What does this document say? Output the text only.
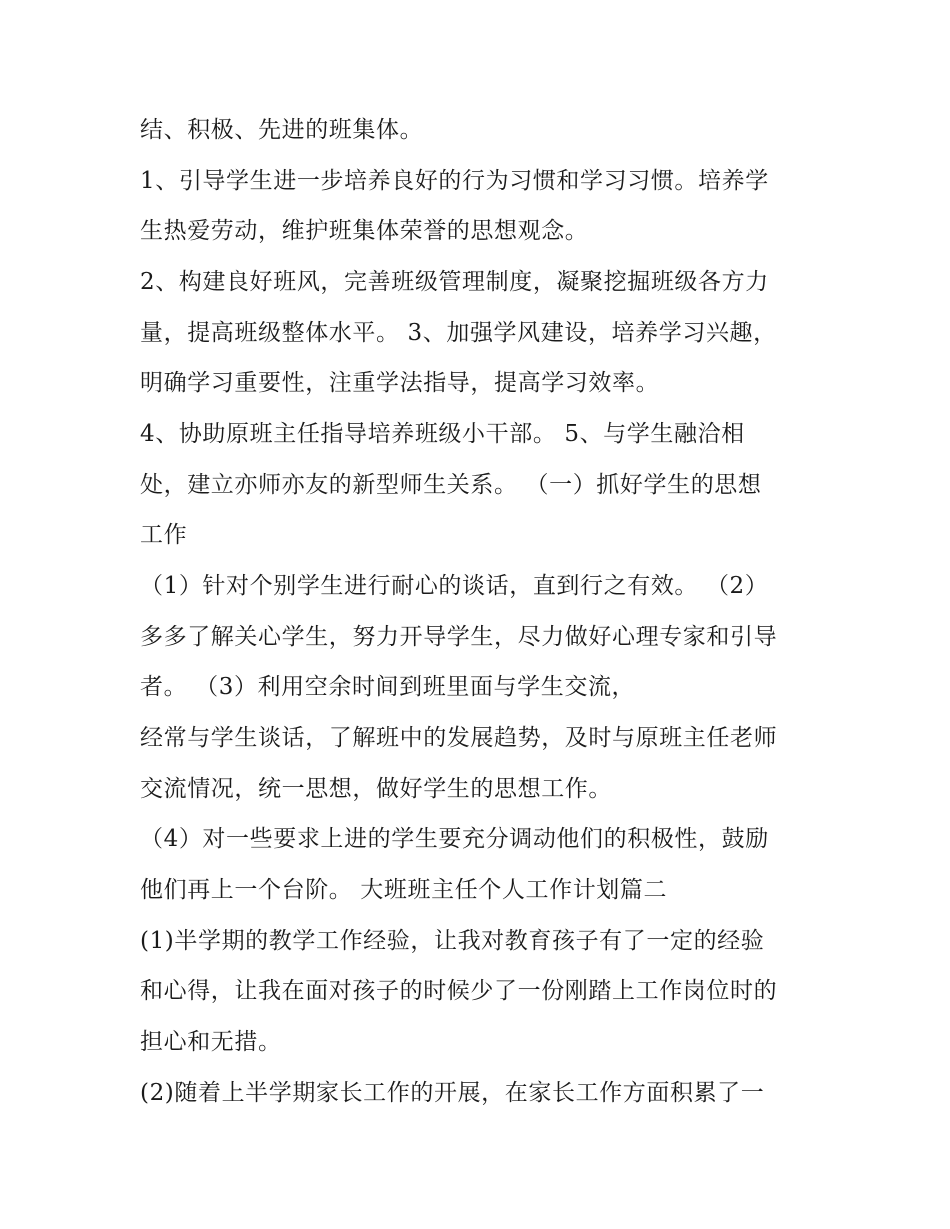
结、积极、先进的班集体。
1、引导学生进一步培养良好的行为习惯和学习习惯。培养学
生热爱劳动，维护班集体荣誉的思想观念。
2、构建良好班风，完善班级管理制度，凝聚挖掘班级各方力
量，提高班级整体水平。 3、加强学风建设，培养学习兴趣，
明确学习重要性，注重学法指导，提高学习效率。
4、协助原班主任指导培养班级小干部。 5、与学生融洽相
处，建立亦师亦友的新型师生关系。 （一）抓好学生的思想
工作
（1）针对个别学生进行耐心的谈话，直到行之有效。 （2）
多多了解关心学生，努力开导学生，尽力做好心理专家和引导
者。 （3）利用空余时间到班里面与学生交流，
经常与学生谈话，了解班中的发展趋势，及时与原班主任老师
交流情况，统一思想，做好学生的思想工作。
（4）对一些要求上进的学生要充分调动他们的积极性，鼓励
他们再上一个台阶。 大班班主任个人工作计划篇二
(1)半学期的教学工作经验，让我对教育孩子有了一定的经验
和心得，让我在面对孩子的时候少了一份刚踏上工作岗位时的
担心和无措。
(2)随着上半学期家长工作的开展，在家长工作方面积累了一
